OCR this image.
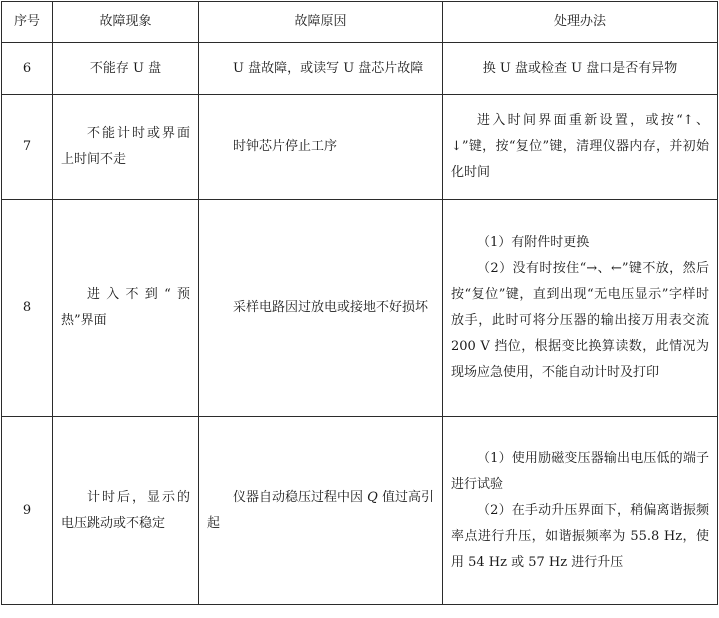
序号	故障现象	故障原因	处理办法
6	不能存 U 盘	U 盘故障，或读写 U 盘芯片故障	换 U 盘或检查 U 盘口是否有异物
7	不能计时或界面上时间不走	时钟芯片停止工序	进入时间界面重新设置，或按“↑、↓”键，按“复位”键，清理仪器内存，并初始化时间

8	进入不到“预热”界面	采样电路因过放电或接地不好损坏	（1）有附件时更换
（2）没有时按住“→、←”键不放，然后按“复位”键，直到出现“无电压显示”字样时放手，此时可将分压器的输出接万用表交流 200 V 挡位，根据变比换算读数，此情况为现场应急使用，不能自动计时及打印

9	计时后，显示的电压跳动或不稳定	仪器自动稳压过程中因 Q 值过高引起	（1）使用励磁变压器输出电压低的端子进行试验
（2）在手动升压界面下，稍偏离谐振频率点进行升压，如谐振频率为 55.8 Hz，使用 54 Hz 或 57 Hz 进行升压
